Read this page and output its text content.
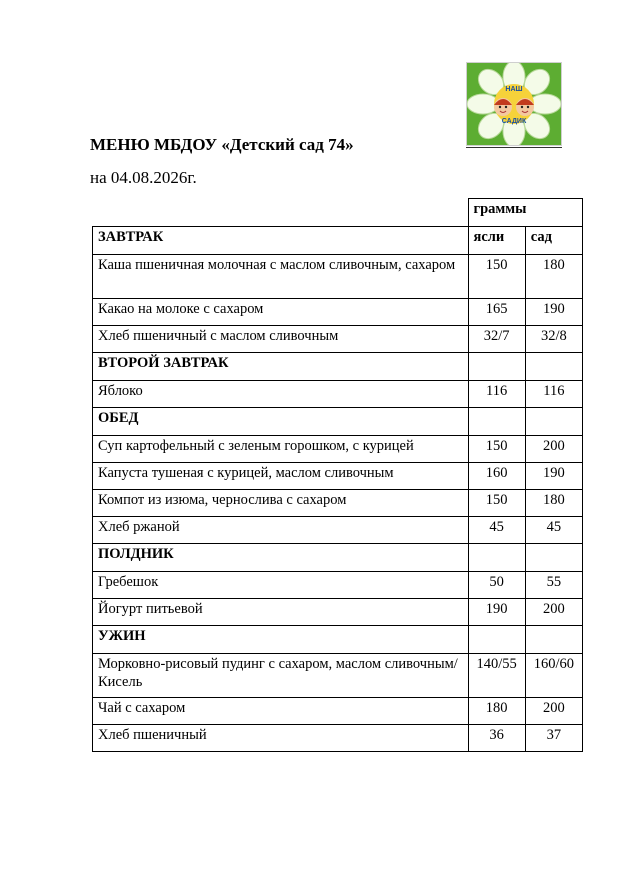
НАШ
САДИК
МЕНЮ МБДОУ «Детский сад 74»
на 04.08.2026г.
	граммы	
ЗАВТРАК	ясли	сад
Каша пшеничная молочная с маслом сливочным, сахаром	150	180
Какао на молоке с сахаром	165	190
Хлеб пшеничный с маслом сливочным	32/7	32/8
ВТОРОЙ ЗАВТРАК		
Яблоко	116	116
ОБЕД		
Суп картофельный с зеленым горошком, с курицей	150	200
Капуста тушеная с курицей, маслом сливочным	160	190
Компот из изюма, чернослива с сахаром	150	180
Хлеб ржаной	45	45
ПОЛДНИК		
Гребешок	50	55
Йогурт питьевой	190	200
УЖИН		
Морковно-рисовый пудинг с сахаром, маслом сливочным/Кисель	140/55	160/60
Чай с сахаром	180	200
Хлеб пшеничный	36	37
